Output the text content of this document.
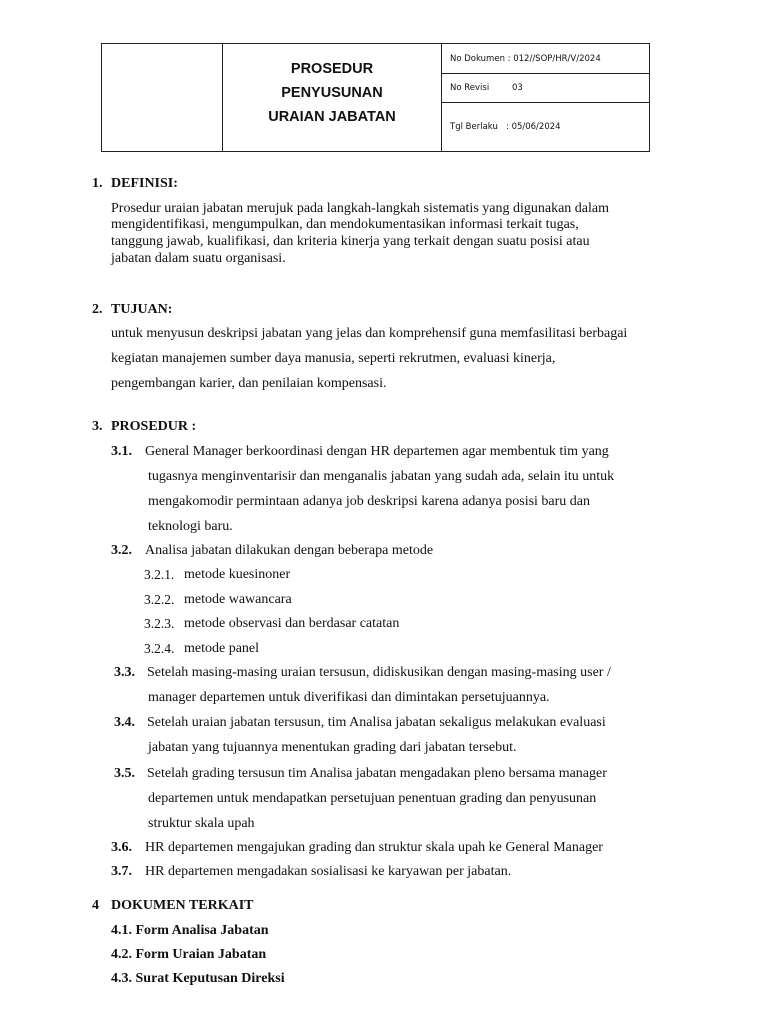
PROSEDUR
PENYUSUNAN
URAIAN JABATAN
No Dokumen :
012//SOP/HR/V/2024
No Revisi	03
Tgl Berlaku : 05/06/2024
1. DEFINISI:
Prosedur uraian jabatan merujuk pada langkah-langkah sistematis yang digunakan dalam
mengidentifikasi, mengumpulkan, dan mendokumentasikan informasi terkait tugas,
tanggung jawab, kualifikasi, dan kriteria kinerja yang terkait dengan suatu posisi atau
jabatan dalam suatu organisasi.
2. TUJUAN:
untuk menyusun deskripsi jabatan yang jelas dan komprehensif guna memfasilitasi berbagai
kegiatan manajemen sumber daya manusia, seperti rekrutmen, evaluasi kinerja,
pengembangan karier, dan penilaian kompensasi.
3. PROSEDUR :
3.1. General Manager berkoordinasi dengan HR departemen agar membentuk tim yang
tugasnya menginventarisir dan menganalis jabatan yang sudah ada, selain itu untuk
mengakomodir permintaan adanya job deskripsi karena adanya posisi baru dan
teknologi baru.
3.2. Analisa jabatan dilakukan dengan beberapa metode
3.2.1. metode kuesinoner
3.2.2. metode wawancara
3.2.3. metode observasi dan berdasar catatan
3.2.4. metode panel
3.3. Setelah masing-masing uraian tersusun, didiskusikan dengan masing-masing user /
manager departemen untuk diverifikasi dan dimintakan persetujuannya.
3.4. Setelah uraian jabatan tersusun, tim Analisa jabatan sekaligus melakukan evaluasi
jabatan yang tujuannya menentukan grading dari jabatan tersebut.
3.5. Setelah grading tersusun tim Analisa jabatan mengadakan pleno bersama manager
departemen untuk mendapatkan persetujuan penentuan grading dan penyusunan
struktur skala upah
3.6. HR departemen mengajukan grading dan struktur skala upah ke General Manager
3.7. HR departemen mengadakan sosialisasi ke karyawan per jabatan.
4 DOKUMEN TERKAIT
4.1. Form Analisa Jabatan
4.2. Form Uraian Jabatan
4.3. Surat Keputusan Direksi
